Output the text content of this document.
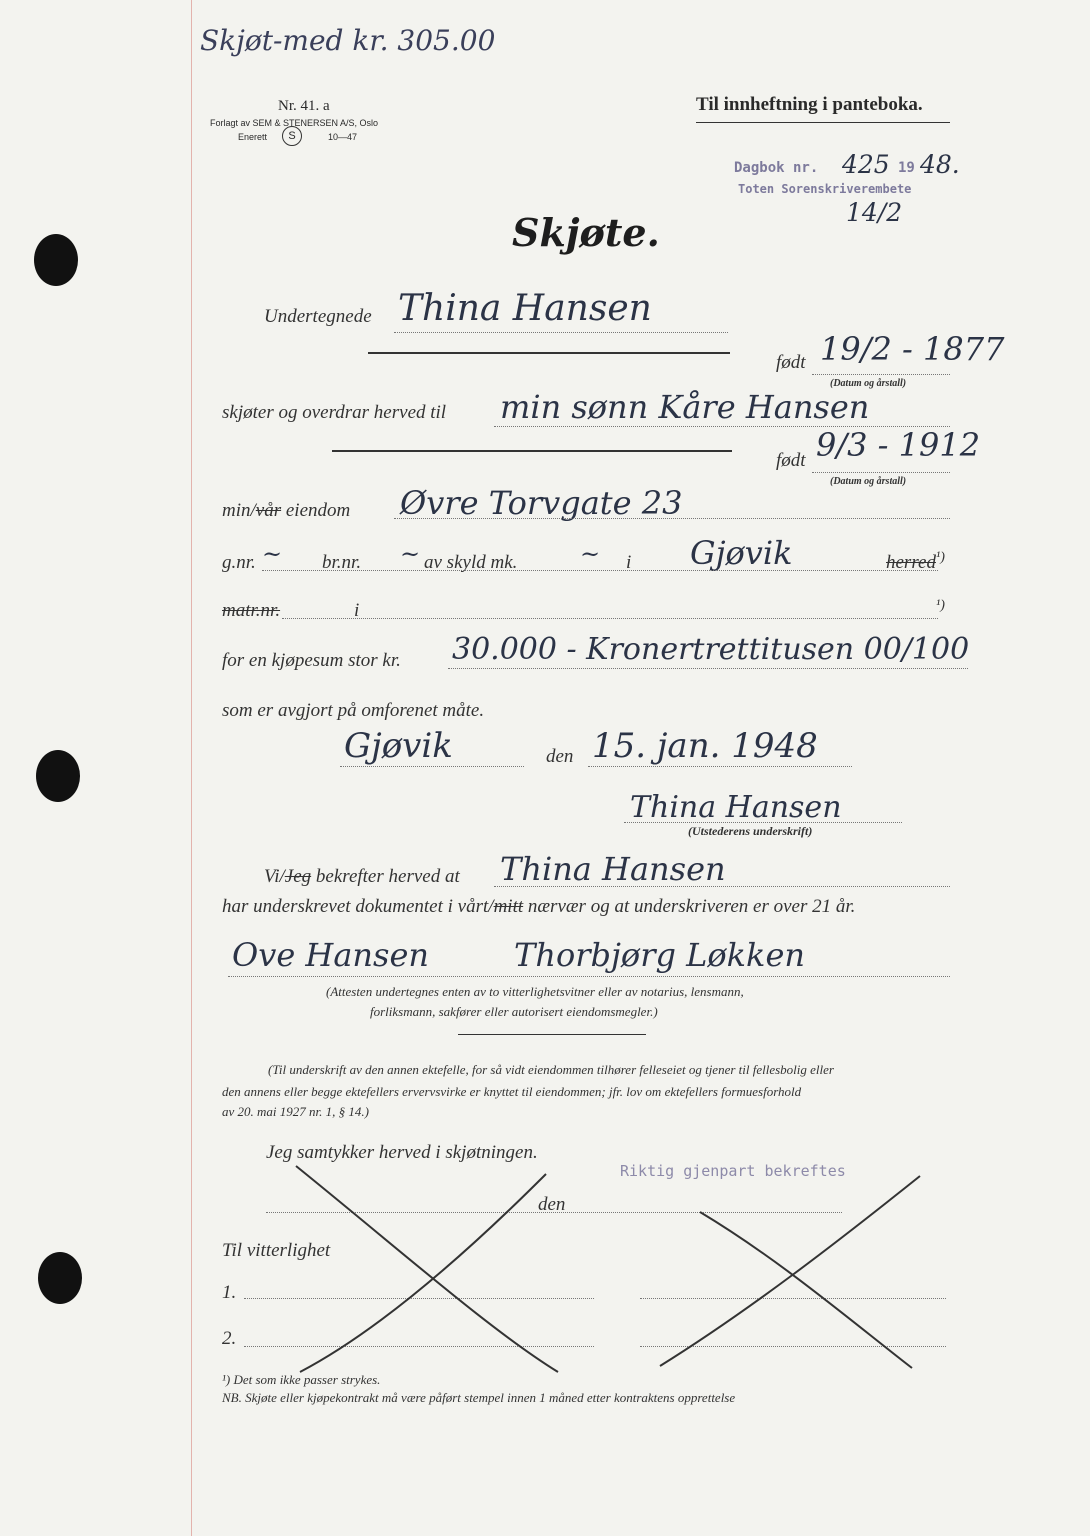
Skjøt-med kr. 305.00
Nr. 41. a
Forlagt av SEM & STENERSEN A/S, Oslo
Enerett	S	10—47
Til innheftning i panteboka.
Dagbok nr. 425 19 48.
Toten Sorenskriverembete
14/2
Skjøte.
Undertegnede Thina Hansen
født 19/2 - 1877
(Datum og årstall)
skjøter og overdrar herved til min sønn Kåre Hansen
født 9/3 - 1912
(Datum og årstall)
min/vår eiendom Øvre Torvgate 23
g.nr. ~ br.nr. ~ av skyld mk.	~ i Gjøvik	herred ¹)
matr.nr.	i	¹)
for en kjøpesum stor kr. 30.000 - Kronertrettitusen 00/100
som er avgjort på omforenet måte.
Gjøvik	den 15. jan. 1948
Thina Hansen
(Utstederens underskrift)
Vi/Jeg bekrefter herved at Thina Hansen
har underskrevet dokumentet i vårt/mitt nærvær og at underskriveren er over 21 år.
Ove Hansen	Thorbjørg Løkken
(Attesten undertegnes enten av to vitterlighetsvitner eller av notarius, lensmann,
forliksmann, sakfører eller autorisert eiendomsmegler.)
(Til underskrift av den annen ektefelle, for så vidt eiendommen tilhører felleseiet og tjener til fellesbolig eller
den annens eller begge ektefellers ervervsvirke er knyttet til eiendommen; jfr. lov om ektefellers formuesforhold
av 20. mai 1927 nr. 1, § 14.)
Jeg samtykker herved i skjøtningen.
Riktig gjenpart bekreftes
den
Til vitterlighet
1.
2.
¹) Det som ikke passer strykes.
NB. Skjøte eller kjøpekontrakt må være påført stempel innen 1 måned etter kontraktens opprettelse
